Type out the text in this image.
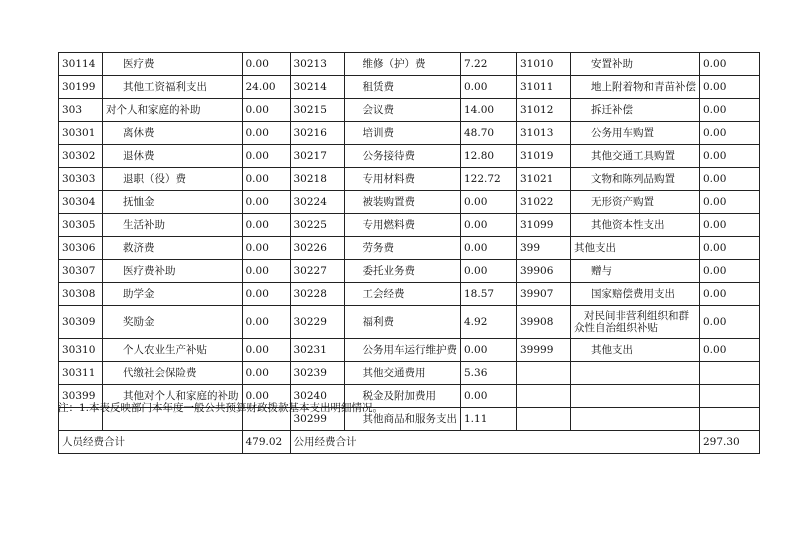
30114	医疗费	0.00	30213	维修（护）费	7.22	31010	安置补助	0.00
30199	其他工资福利支出	24.00	30214	租赁费	0.00	31011	地上附着物和青苗补偿	0.00
303	对个人和家庭的补助	0.00	30215	会议费	14.00	31012	拆迁补偿	0.00
30301	离休费	0.00	30216	培训费	48.70	31013	公务用车购置	0.00
30302	退休费	0.00	30217	公务接待费	12.80	31019	其他交通工具购置	0.00
30303	退职（役）费	0.00	30218	专用材料费	122.72	31021	文物和陈列品购置	0.00
30304	抚恤金	0.00	30224	被装购置费	0.00	31022	无形资产购置	0.00
30305	生活补助	0.00	30225	专用燃料费	0.00	31099	其他资本性支出	0.00
30306	救济费	0.00	30226	劳务费	0.00	399	其他支出	0.00
30307	医疗费补助	0.00	30227	委托业务费	0.00	39906	赠与	0.00
30308	助学金	0.00	30228	工会经费	18.57	39907	国家赔偿费用支出	0.00
30309	奖励金	0.00	30229	福利费	4.92	39908	对民间非营利组织和群众性自治组织补贴	0.00
30310	个人农业生产补贴	0.00	30231	公务用车运行维护费	0.00	39999	其他支出	0.00
30311	代缴社会保险费	0.00	30239	其他交通费用	5.36			
30399	其他对个人和家庭的补助	0.00	30240	税金及附加费用	0.00			
			30299	其他商品和服务支出	1.11			
人员经费合计		479.02	公用经费合计					297.30
注：1.本表反映部门本年度一般公共预算财政拨款基本支出明细情况。
